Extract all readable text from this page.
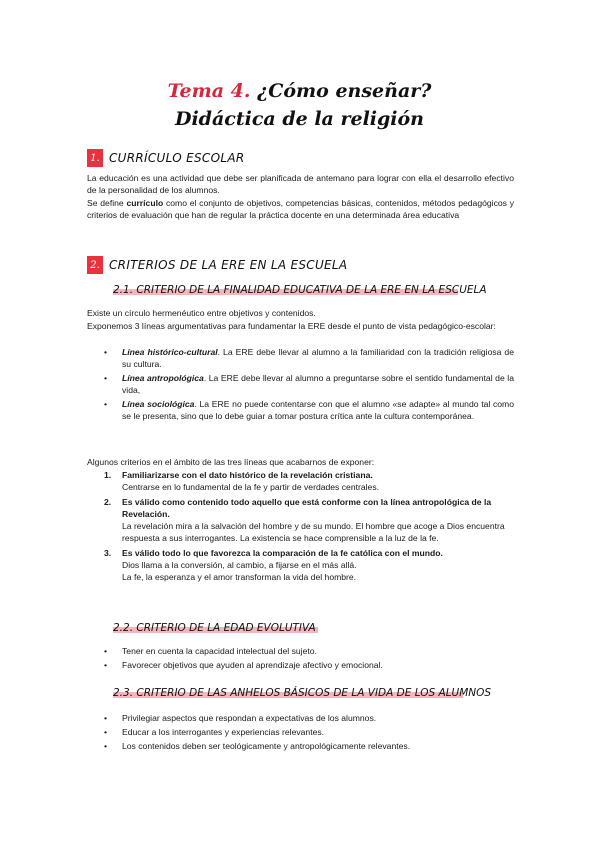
Tema 4. ¿Cómo enseñar?
Didáctica de la religión
1. CURRÍCULO ESCOLAR
La educación es una actividad que debe ser planificada de antemano para lograr con ella el desarrollo efectivo de la personalidad de los alumnos.
Se define currículo como el conjunto de objetivos, competencias básicas, contenidos, métodos pedagógicos y criterios de evaluación que han de regular la práctica docente en una determinada área educativa
2. CRITERIOS DE LA ERE EN LA ESCUELA
2.1. CRITERIO DE LA FINALIDAD EDUCATIVA DE LA ERE EN LA ESCUELA
Existe un círculo hermenéutico entre objetivos y contenidos.
Exponemos 3 líneas argumentativas para fundamentar la ERE desde el punto de vista pedagógico-escolar:
• Línea histórico-cultural. La ERE debe llevar al alumno a la familiaridad con la tradición religiosa de su cultura.
• Línea antropológica. La ERE debe llevar al alumno a preguntarse sobre el sentido fundamental de la vida,
• Línea sociológica. La ERE no puede contentarse con que el alumno «se adapte» al mundo tal como se le presenta, sino que lo debe guiar a tomar postura crítica ante la cultura contemporánea.
Algunos criterios en el ámbito de las tres líneas que acabarnos de exponer:
1. Familiarizarse con el dato histórico de la revelación cristiana.
Centrarse en lo fundamental de la fe y partir de verdades centrales.
2. Es válido como contenido todo aquello que está conforme con la línea antropológica de la Revelación.
La revelación mira a la salvación del hombre y de su mundo. El hombre que acoge a Dios encuentra respuesta a sus interrogantes. La existencia se hace comprensible a la luz de la fe.
3. Es válido todo lo que favorezca la comparación de la fe católica con el mundo.
Dios llama a la conversión, al cambio, a fijarse en el más allá.
La fe, la esperanza y el amor transforman la vida del hombre.
2.2. CRITERIO DE LA EDAD EVOLUTIVA
• Tener en cuenta la capacidad intelectual del sujeto.
• Favorecer objetivos que ayuden al aprendizaje afectivo y emocional.
2.3. CRITERIO DE LAS ANHELOS BÁSICOS DE LA VIDA DE LOS ALUMNOS
• Privilegiar aspectos que respondan a expectativas de los alumnos.
• Educar a los interrogantes y experiencias relevantes.
• Los contenidos deben ser teológicamente y antropológicamente relevantes.
